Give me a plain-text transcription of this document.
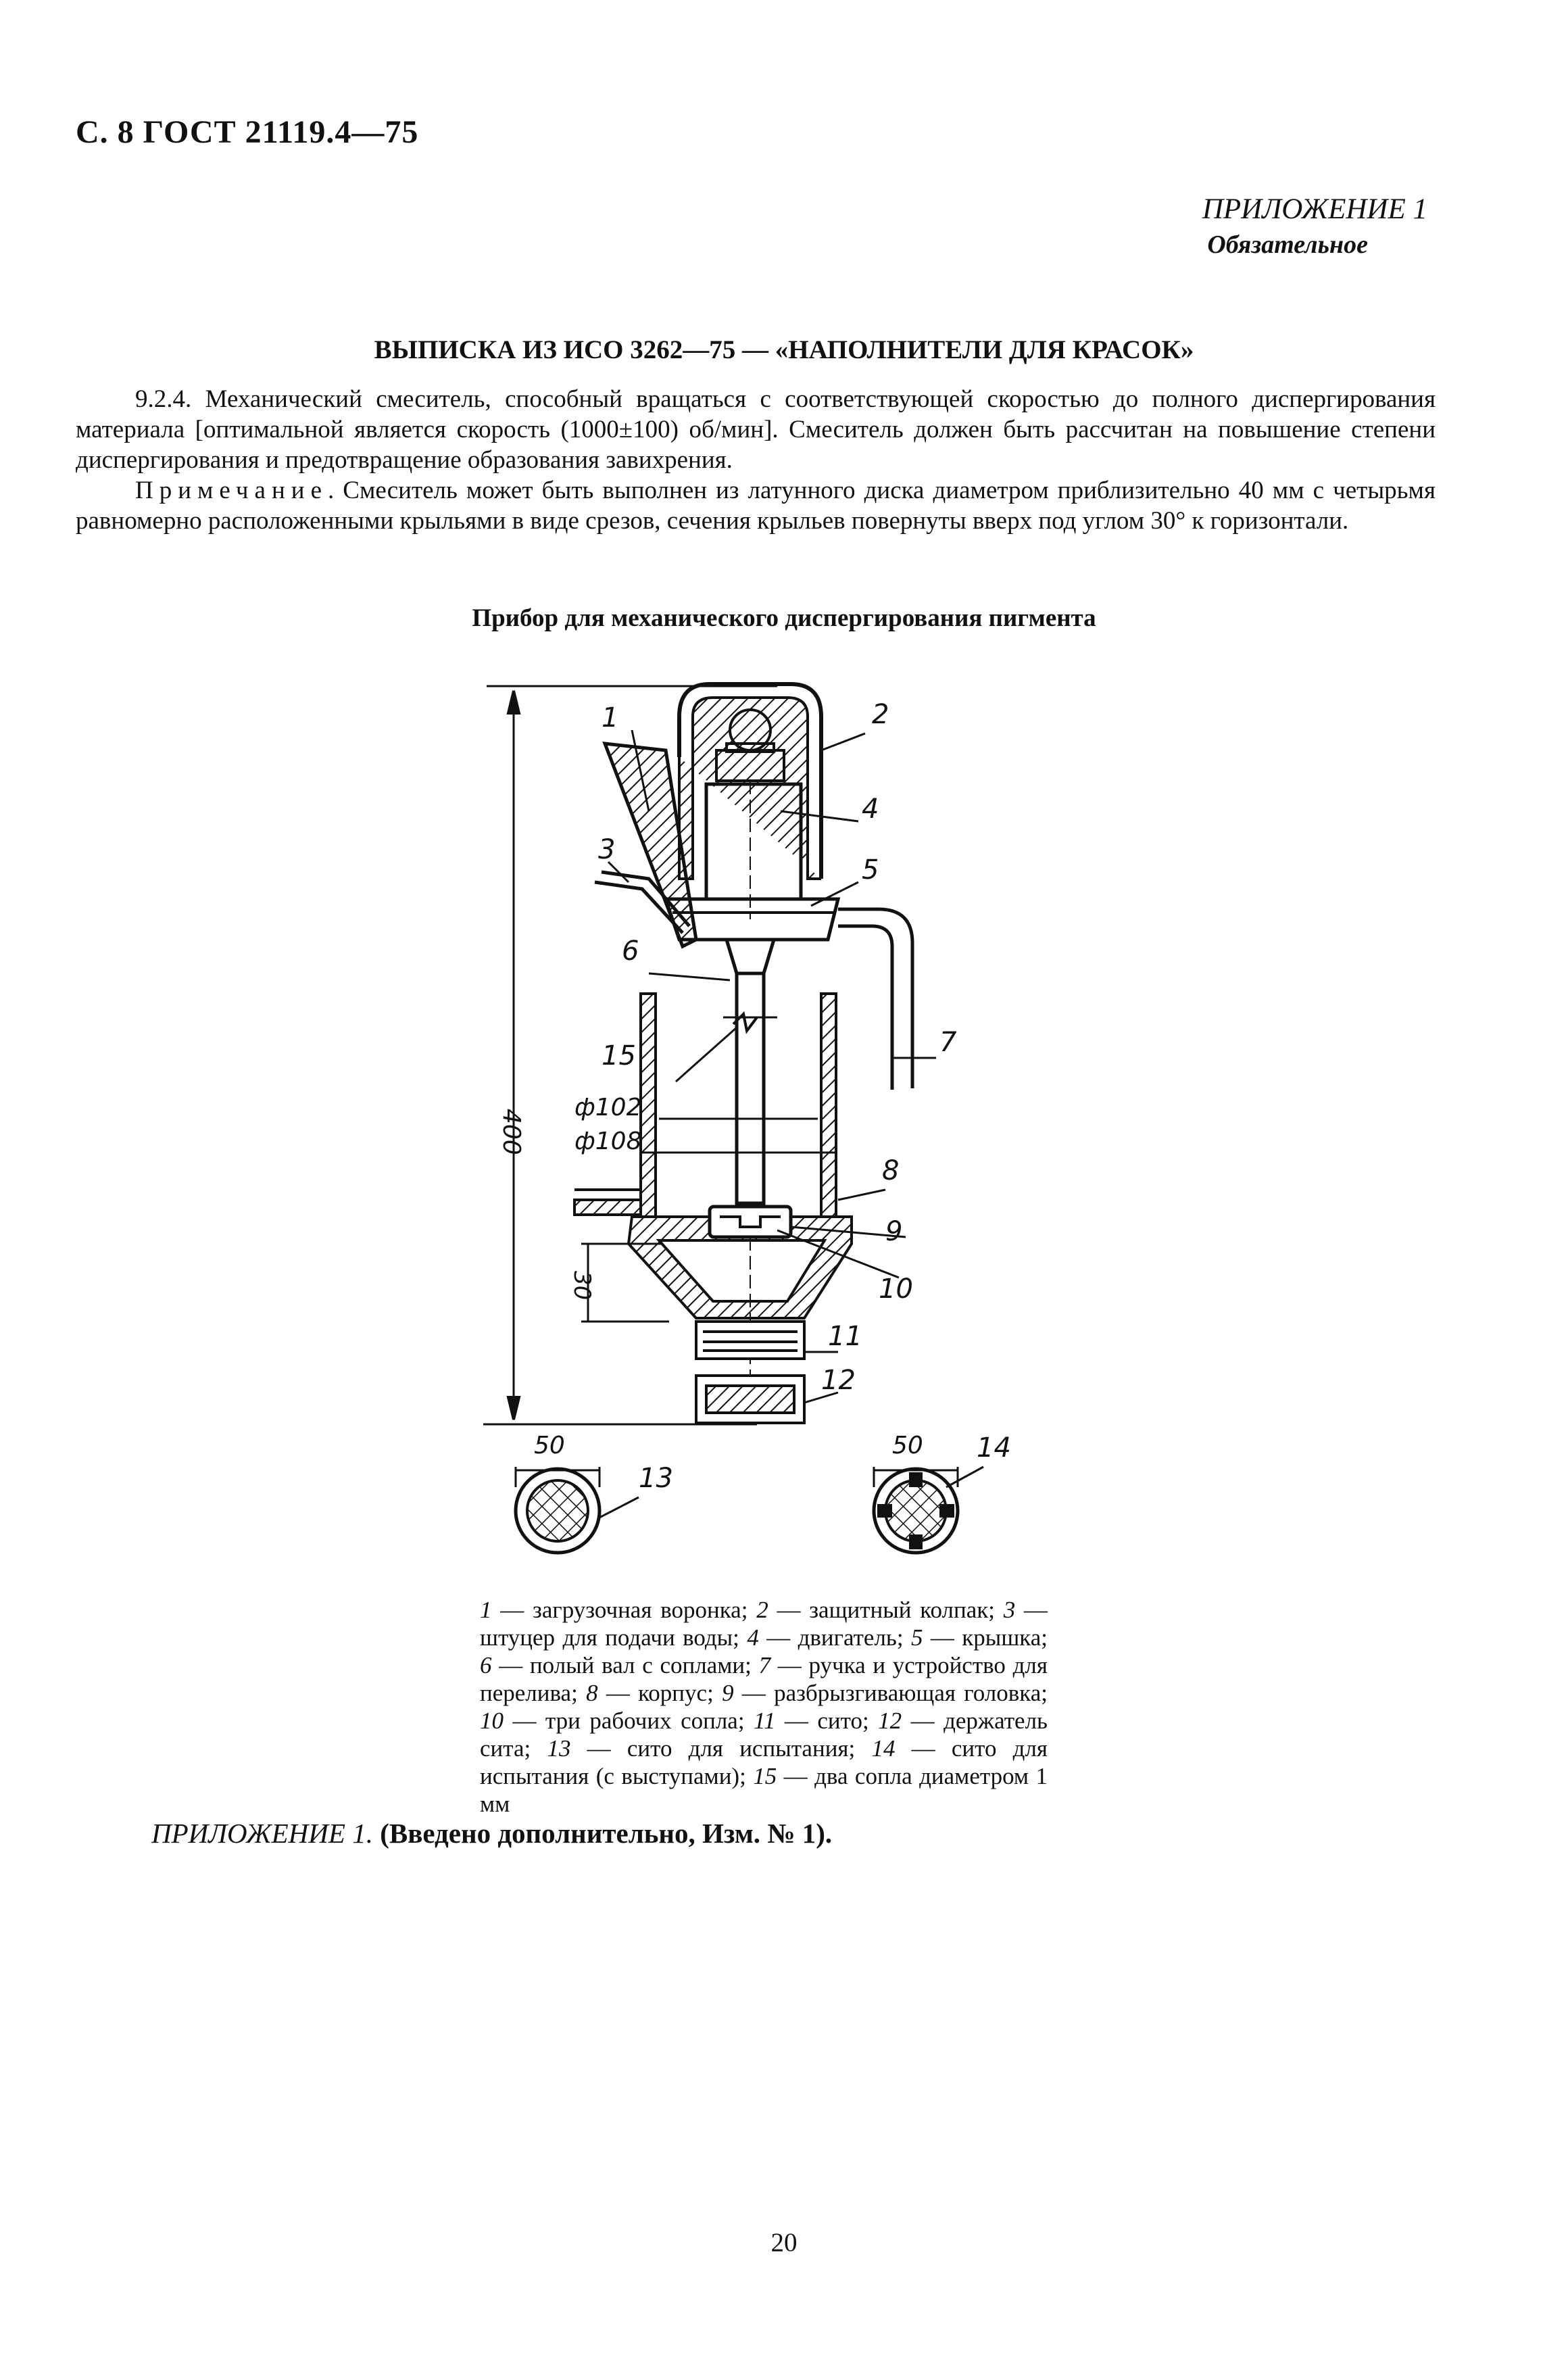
С. 8 ГОСТ 21119.4—75
ПРИЛОЖЕНИЕ 1
Обязательное
ВЫПИСКА ИЗ ИСО 3262—75 — «НАПОЛНИТЕЛИ ДЛЯ КРАСОК»
9.2.4. Механический смеситель, способный вращаться с соответствующей скоростью до полного диспергирования материала [оптимальной является скорость (1000±100) об/мин]. Смеситель должен быть рассчитан на повышение степени диспергирования и предотвращение образования завихрения.
Примечание. Смеситель может быть выполнен из латунного диска диаметром приблизительно 40 мм с четырьмя равномерно расположенными крыльями в виде срезов, сечения крыльев повернуты вверх под углом 30° к горизонтали.
Прибор для механического диспергирования пигмента
1	2
3
4
5
6
7
8
9
10
11
12
13
14
15
ф102
ф108
50	50
400
30
1 — загрузочная воронка; 2 — защитный колпак; 3 — штуцер для подачи воды; 4 — двигатель; 5 — крышка; 6 — полый вал с соплами; 7 — ручка и устройство для перелива; 8 — корпус; 9 — разбрызгивающая головка; 10 — три рабочих сопла; 11 — сито; 12 — держатель сита; 13 — сито для испытания; 14 — сито для испытания (с выступами); 15 — два сопла диаметром 1 мм
ПРИЛОЖЕНИЕ 1. (Введено дополнительно, Изм. № 1).
20
